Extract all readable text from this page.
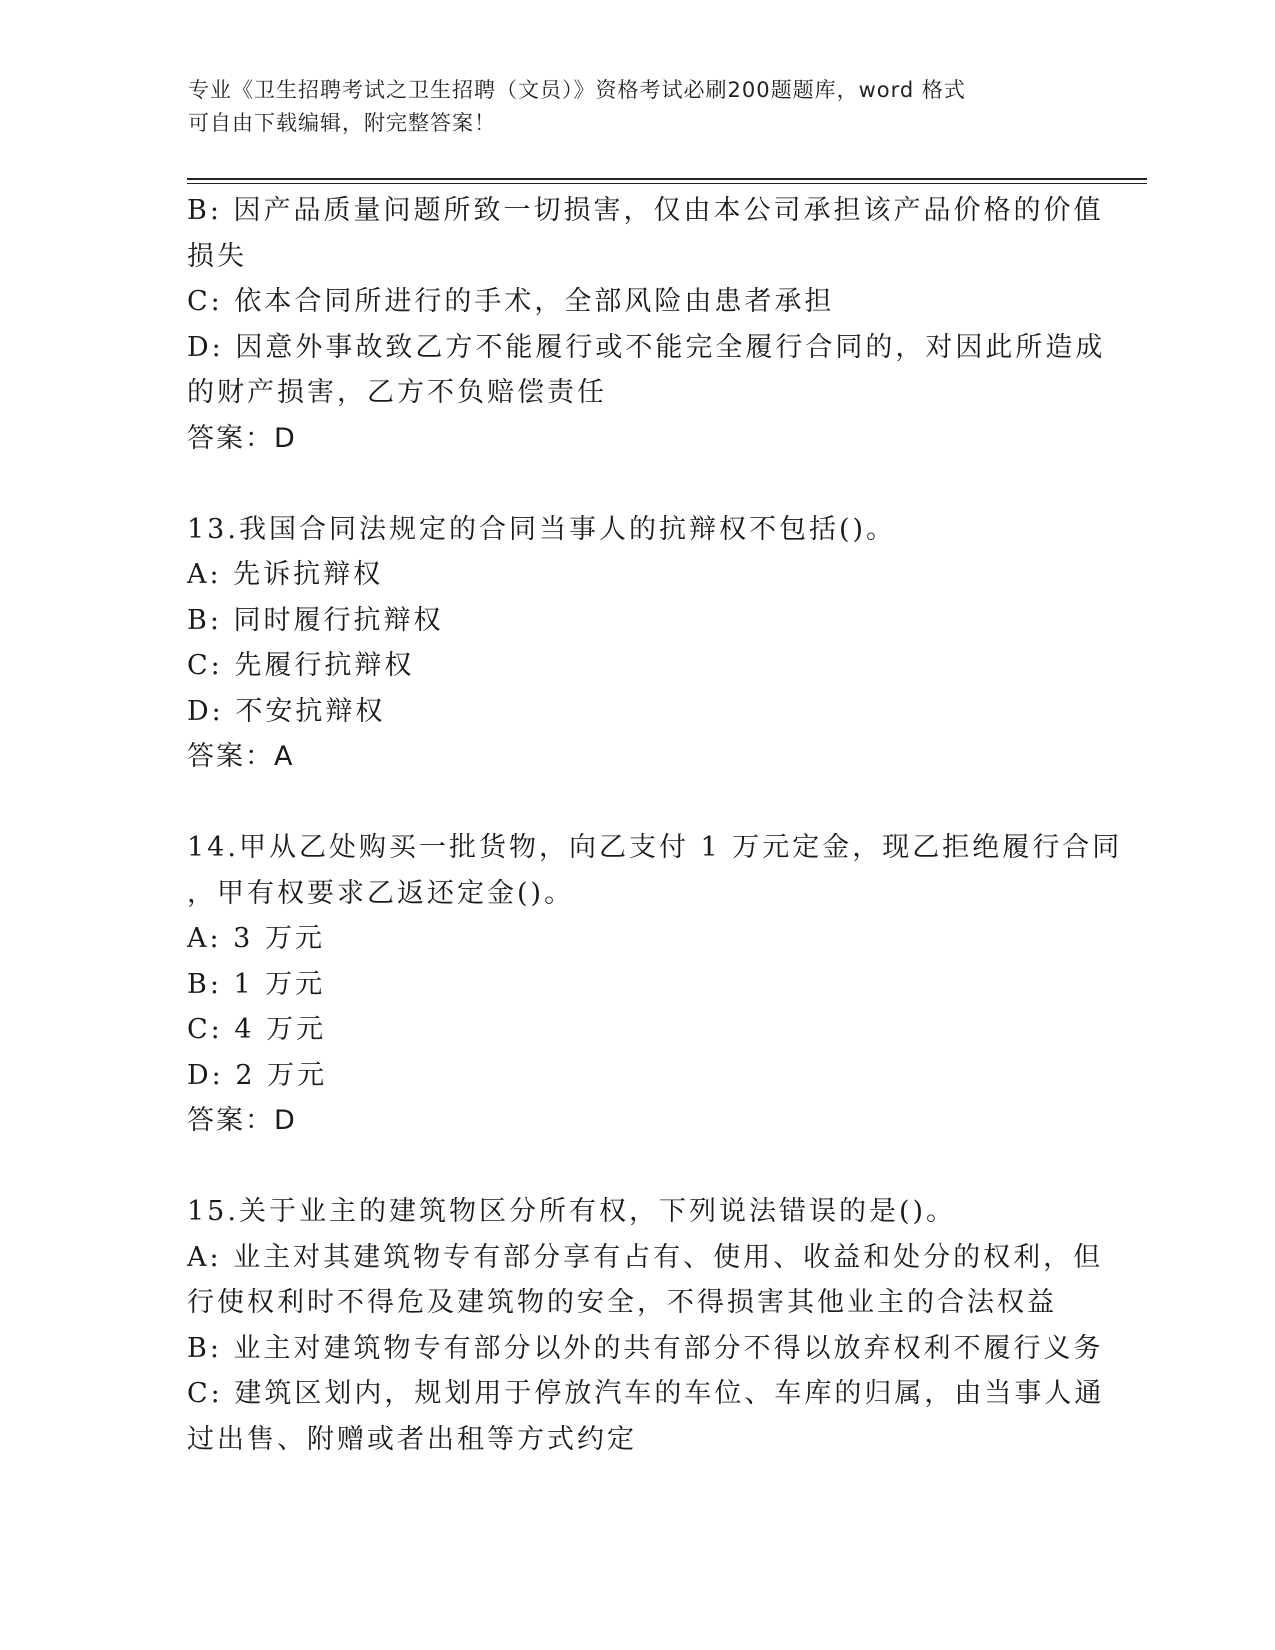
专业《卫生招聘考试之卫生招聘（文员）》资格考试必刷200题题库，word 格式
可自由下载编辑，附完整答案！
B: 因产品质量问题所致一切损害，仅由本公司承担该产品价格的价值
损失
C: 依本合同所进行的手术，全部风险由患者承担
D: 因意外事故致乙方不能履行或不能完全履行合同的，对因此所造成
的财产损害，乙方不负赔偿责任
答案：D
13.我国合同法规定的合同当事人的抗辩权不包括()。
A: 先诉抗辩权
B: 同时履行抗辩权
C: 先履行抗辩权
D: 不安抗辩权
答案：A
14.甲从乙处购买一批货物，向乙支付 1 万元定金，现乙拒绝履行合同
，甲有权要求乙返还定金()。
A: 3 万元
B: 1 万元
C: 4 万元
D: 2 万元
答案：D
15.关于业主的建筑物区分所有权，下列说法错误的是()。
A: 业主对其建筑物专有部分享有占有、使用、收益和处分的权利，但
行使权利时不得危及建筑物的安全，不得损害其他业主的合法权益
B: 业主对建筑物专有部分以外的共有部分不得以放弃权利不履行义务
C: 建筑区划内，规划用于停放汽车的车位、车库的归属，由当事人通
过出售、附赠或者出租等方式约定
